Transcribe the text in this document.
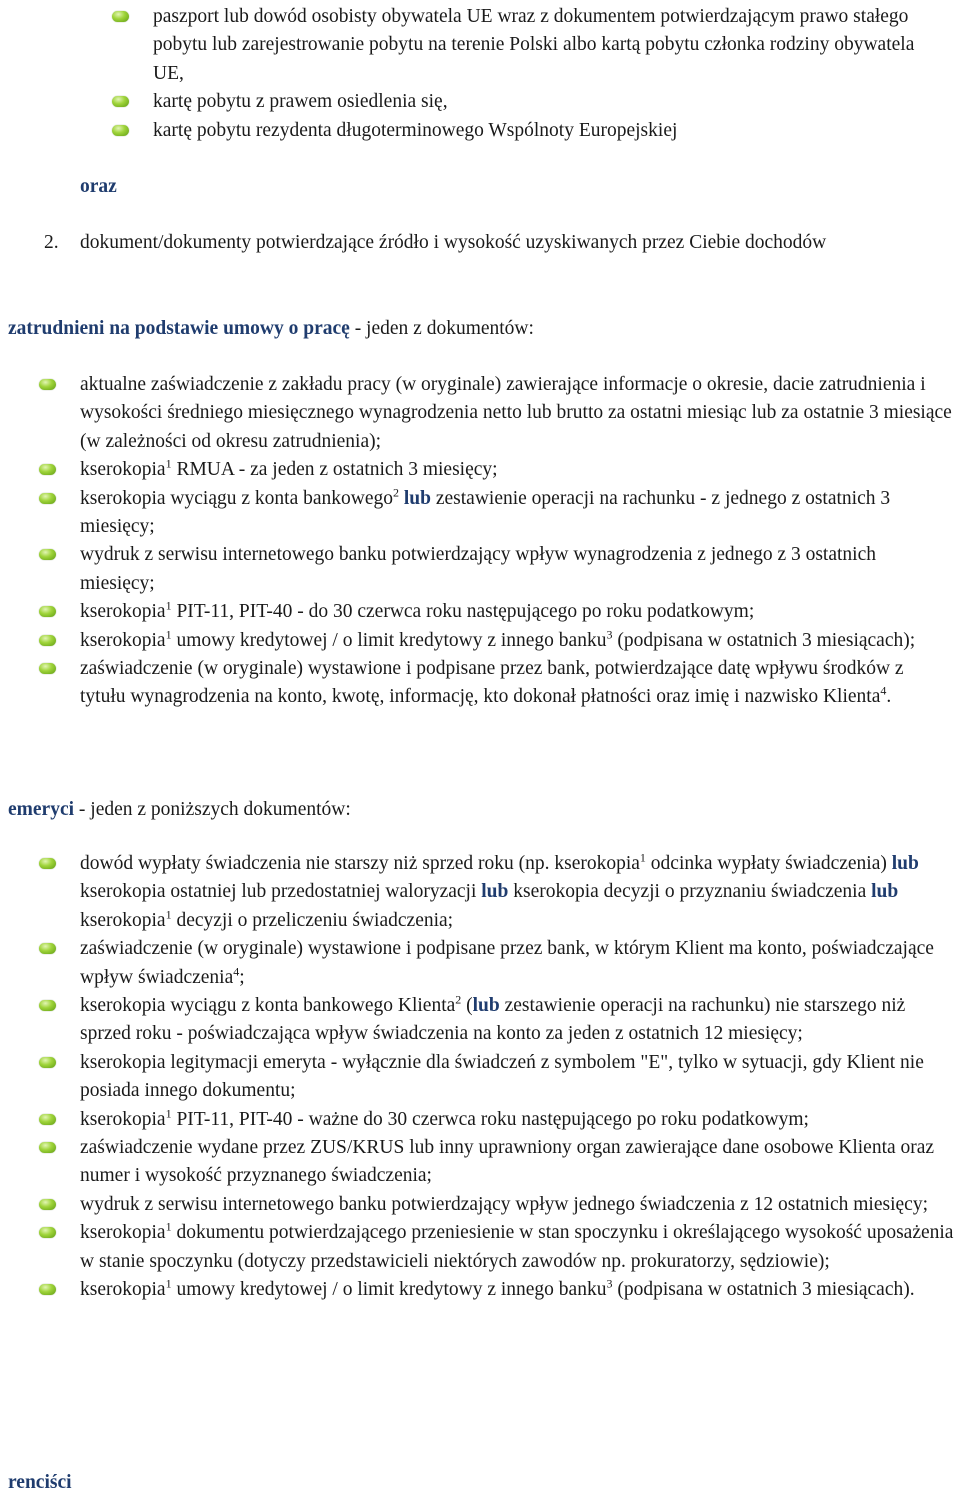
paszport lub dowód osobisty obywatela UE wraz z dokumentem potwierdzającym prawo stałego pobytu lub zarejestrowanie pobytu na terenie Polski albo kartą pobytu członka rodziny obywatela UE,
kartę pobytu z prawem osiedlenia się,
kartę pobytu rezydenta długoterminowego Wspólnoty Europejskiej
oraz
2. dokument/dokumenty potwierdzające źródło i wysokość uzyskiwanych przez Ciebie dochodów
zatrudnieni na podstawie umowy o pracę - jeden z dokumentów:
aktualne zaświadczenie z zakładu pracy (w oryginale) zawierające informacje o okresie, dacie zatrudnienia i wysokości średniego miesięcznego wynagrodzenia netto lub brutto za ostatni miesiąc lub za ostatnie 3 miesiące (w zależności od okresu zatrudnienia);
kserokopia$^1$ RMUA - za jeden z ostatnich 3 miesięcy;
kserokopia wyciągu z konta bankowego$^2$ lub zestawienie operacji na rachunku - z jednego z ostatnich 3 miesięcy;
wydruk z serwisu internetowego banku potwierdzający wpływ wynagrodzenia z jednego z 3 ostatnich miesięcy;
kserokopia$^1$ PIT-11, PIT-40 - do 30 czerwca roku następującego po roku podatkowym;
kserokopia$^1$ umowy kredytowej / o limit kredytowy z innego banku$^3$ (podpisana w ostatnich 3 miesiącach);
zaświadczenie (w oryginale) wystawione i podpisane przez bank, potwierdzające datę wpływu środków z tytułu wynagrodzenia na konto, kwotę, informację, kto dokonał płatności oraz imię i nazwisko Klienta$^4$.
emeryci - jeden z poniższych dokumentów:
dowód wypłaty świadczenia nie starszy niż sprzed roku (np. kserokopia$^1$ odcinka wypłaty świadczenia) lub kserokopia ostatniej lub przedostatniej waloryzacji lub kserokopia decyzji o przyznaniu świadczenia lub kserokopia$^1$ decyzji o przeliczeniu świadczenia;
zaświadczenie (w oryginale) wystawione i podpisane przez bank, w którym Klient ma konto, poświadczające wpływ świadczenia$^4$;
kserokopia wyciągu z konta bankowego Klienta$^2$ (lub zestawienie operacji na rachunku) nie starszego niż sprzed roku - poświadczająca wpływ świadczenia na konto za jeden z ostatnich 12 miesięcy;
kserokopia legitymacji emeryta - wyłącznie dla świadczeń z symbolem "E", tylko w sytuacji, gdy Klient nie posiada innego dokumentu;
kserokopia$^1$ PIT-11, PIT-40 - ważne do 30 czerwca roku następującego po roku podatkowym;
zaświadczenie wydane przez ZUS/KRUS lub inny uprawniony organ zawierające dane osobowe Klienta oraz numer i wysokość przyznanego świadczenia;
wydruk z serwisu internetowego banku potwierdzający wpływ jednego świadczenia z 12 ostatnich miesięcy;
kserokopia$^1$ dokumentu potwierdzającego przeniesienie w stan spoczynku i określającego wysokość uposażenia w stanie spoczynku (dotyczy przedstawicieli niektórych zawodów np. prokuratorzy, sędziowie);
kserokopia$^1$ umowy kredytowej / o limit kredytowy z innego banku$^3$ (podpisana w ostatnich 3 miesiącach).
renciści
